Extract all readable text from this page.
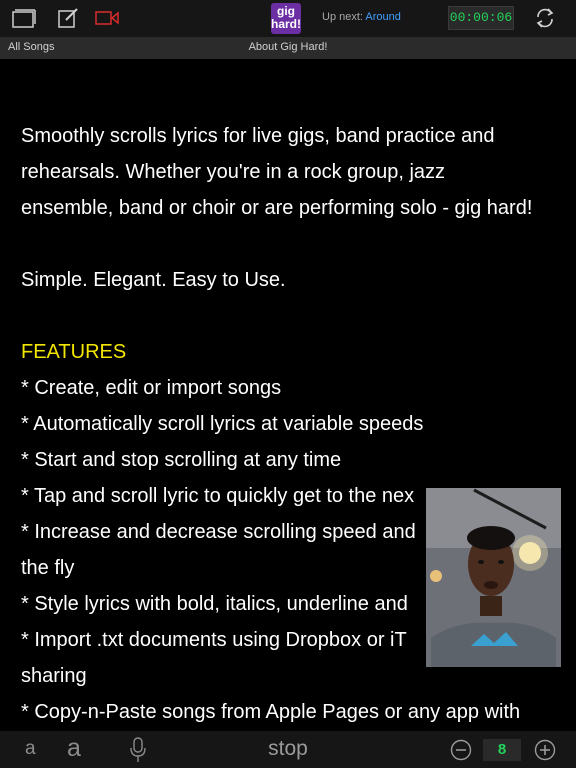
gig
hard! Up next: Around	00:00:06
About Gig Hard!
All Songs

Smoothly scrolls lyrics for live gigs, band practice and

rehearsals. Whether you're in a rock group, jazz

ensemble, band or choir or are performing solo - gig hard!

Simple. Elegant. Easy to Use.

FEATURES

* Create, edit or import songs

* Automatically scroll lyrics at variable speeds

* Start and stop scrolling at any time

* Tap and scroll lyric to quickly get to the nex

* Increase and decrease scrolling speed and

the fly

* Style lyrics with bold, italics, underline and

* Import .txt documents using Dropbox or iT

sharing

* Copy-n-Paste songs from Apple Pages or any app with

a a	stop	8
